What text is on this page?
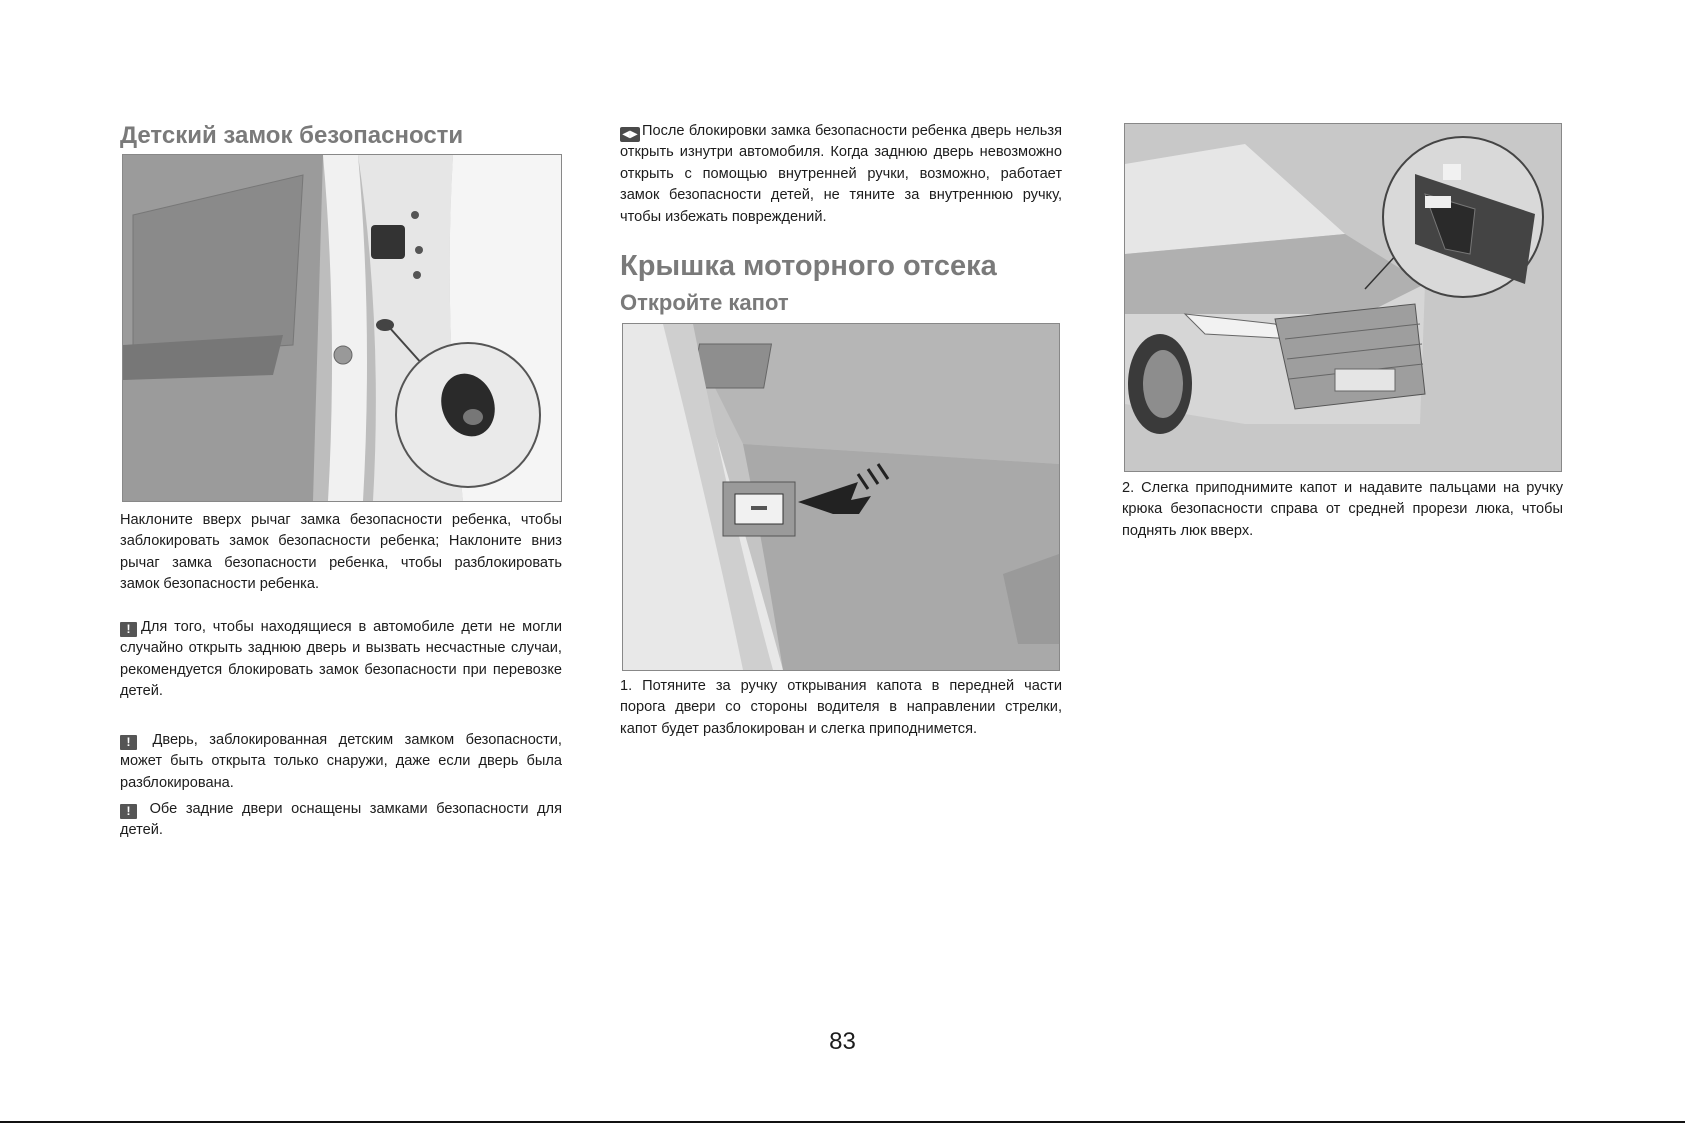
Детский замок безопасности

Наклоните вверх рычаг замка безопасности ребенка, чтобы заблокировать замок безопасности ребенка; Наклоните вниз рычаг замка безопасности ребенка, чтобы разблокировать замок безопасности ребенка.

! Для того, чтобы находящиеся в автомобиле дети не могли случайно открыть заднюю дверь и вызвать несчастные случаи, рекомендуется блокировать замок безопасности при перевозке детей.

! Дверь, заблокированная детским замком безопасности, может быть открыта только снаружи, даже если дверь была разблокирована.

! Обе задние двери оснащены замками безопасности для детей.

◀▶ После блокировки замка безопасности ребенка дверь нельзя открыть изнутри автомобиля. Когда заднюю дверь невозможно открыть с помощью внутренней ручки, возможно, работает замок безопасности детей, не тяните за внутреннюю ручку, чтобы избежать повреждений.

Крышка моторного отсека
Откройте капот

1. Потяните за ручку открывания капота в передней части порога двери со стороны водителя в направлении стрелки, капот будет разблокирован и слегка приподнимется.

2. Слегка приподнимите капот и надавите пальцами на ручку крюка безопасности справа от средней прорези люка, чтобы поднять люк вверх.

83
